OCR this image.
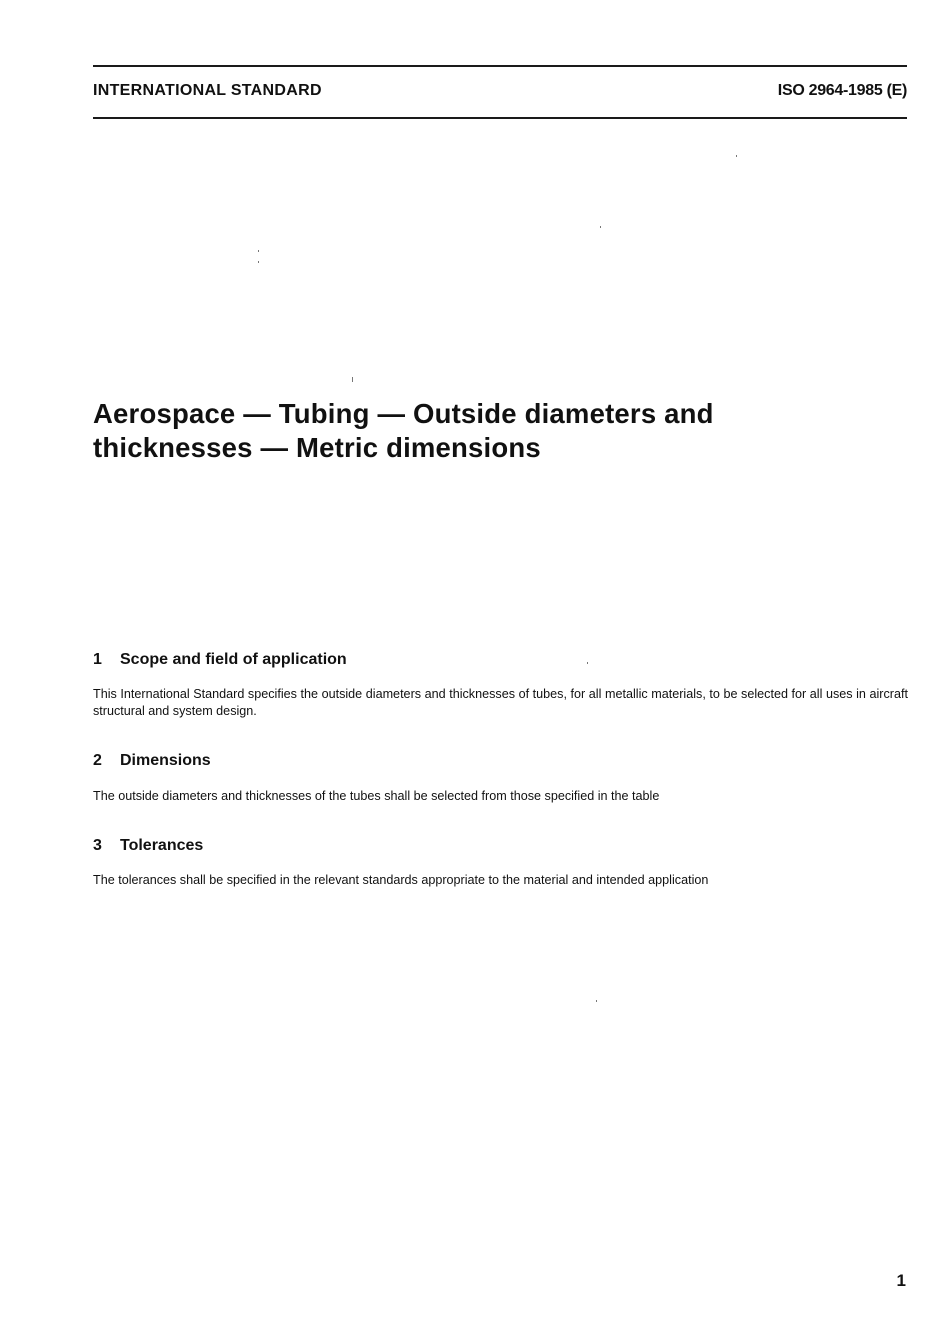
INTERNATIONAL STANDARD	ISO 2964-1985 (E)
Aerospace — Tubing — Outside diameters and
thicknesses — Metric dimensions
1 Scope and field of application

This International Standard specifies the outside diameters and thicknesses of tubes, for all metallic materials, to be selected for all uses in aircraft structural and system design.

2 Dimensions

The outside diameters and thicknesses of the tubes shall be selected from those specified in the table

3 Tolerances

The tolerances shall be specified in the relevant standards appropriate to the material and intended application

1
